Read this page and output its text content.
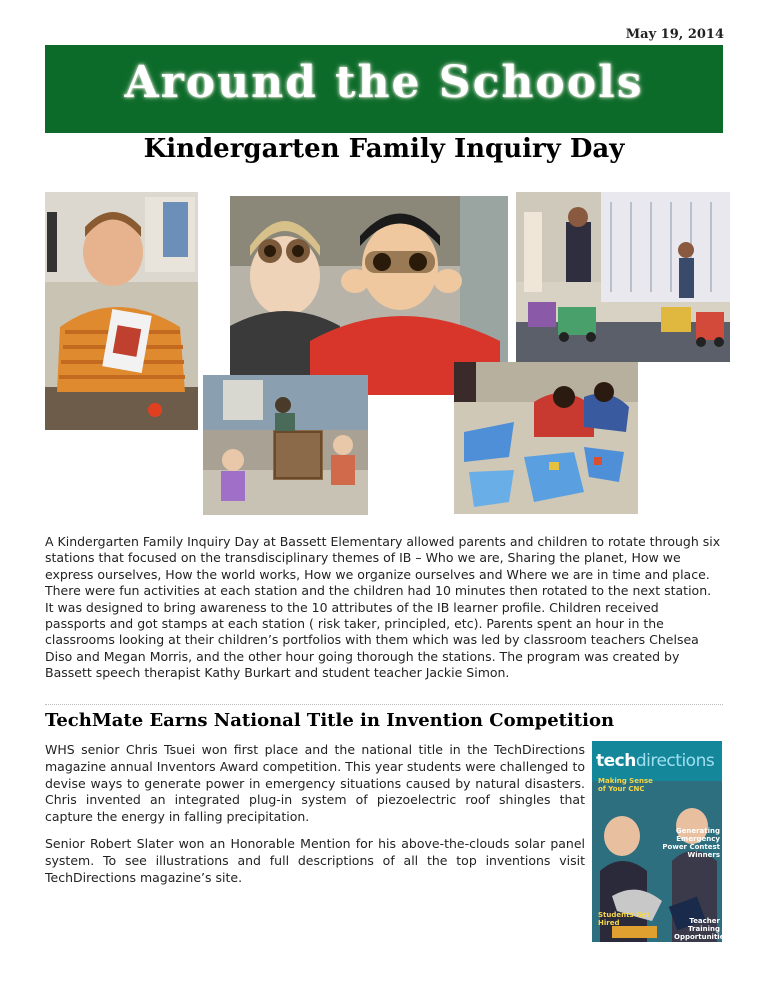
May 19, 2014
Around the Schools
Kindergarten Family Inquiry Day
A Kindergarten Family Inquiry Day at Bassett Elementary allowed parents and children to rotate through six stations that focused on the transdisciplinary themes of IB – Who we are, Sharing the planet, How we express ourselves, How the world works, How we organize ourselves and Where we are in time and place. There were fun activities at each station and the children had 10 minutes then rotated to the next station. It was designed to bring awareness to the 10 attributes of the IB learner profile. Children received passports and got stamps at each station ( risk taker, principled, etc). Parents spent an hour in the classrooms looking at their children’s portfolios with them which was led by classroom teachers Chelsea Diso and Megan Morris, and the other hour going thorough the stations. The program was created by Bassett speech therapist Kathy Burkart and student teacher Jackie Simon.
TechMate Earns National Title in Invention Competition

WHS senior Chris Tsuei won first place and the national title in the TechDirections magazine annual Inventors Award competition. This year students were challenged to devise ways to generate power in emergency situations caused by natural disasters. Chris invented an integrated plug-in system of piezoelectric roof shingles that capture the energy in falling precipitation.

Senior Robert Slater won an Honorable Mention for his above-the-clouds solar panel system. To see illustrations and full descriptions of all the top inventions visit TechDirections magazine’s site.

techdirections
Making Sense of Your CNC
Generating Emergency Power Contest Winners
Students Get Hired	Teacher Training Opportunities
